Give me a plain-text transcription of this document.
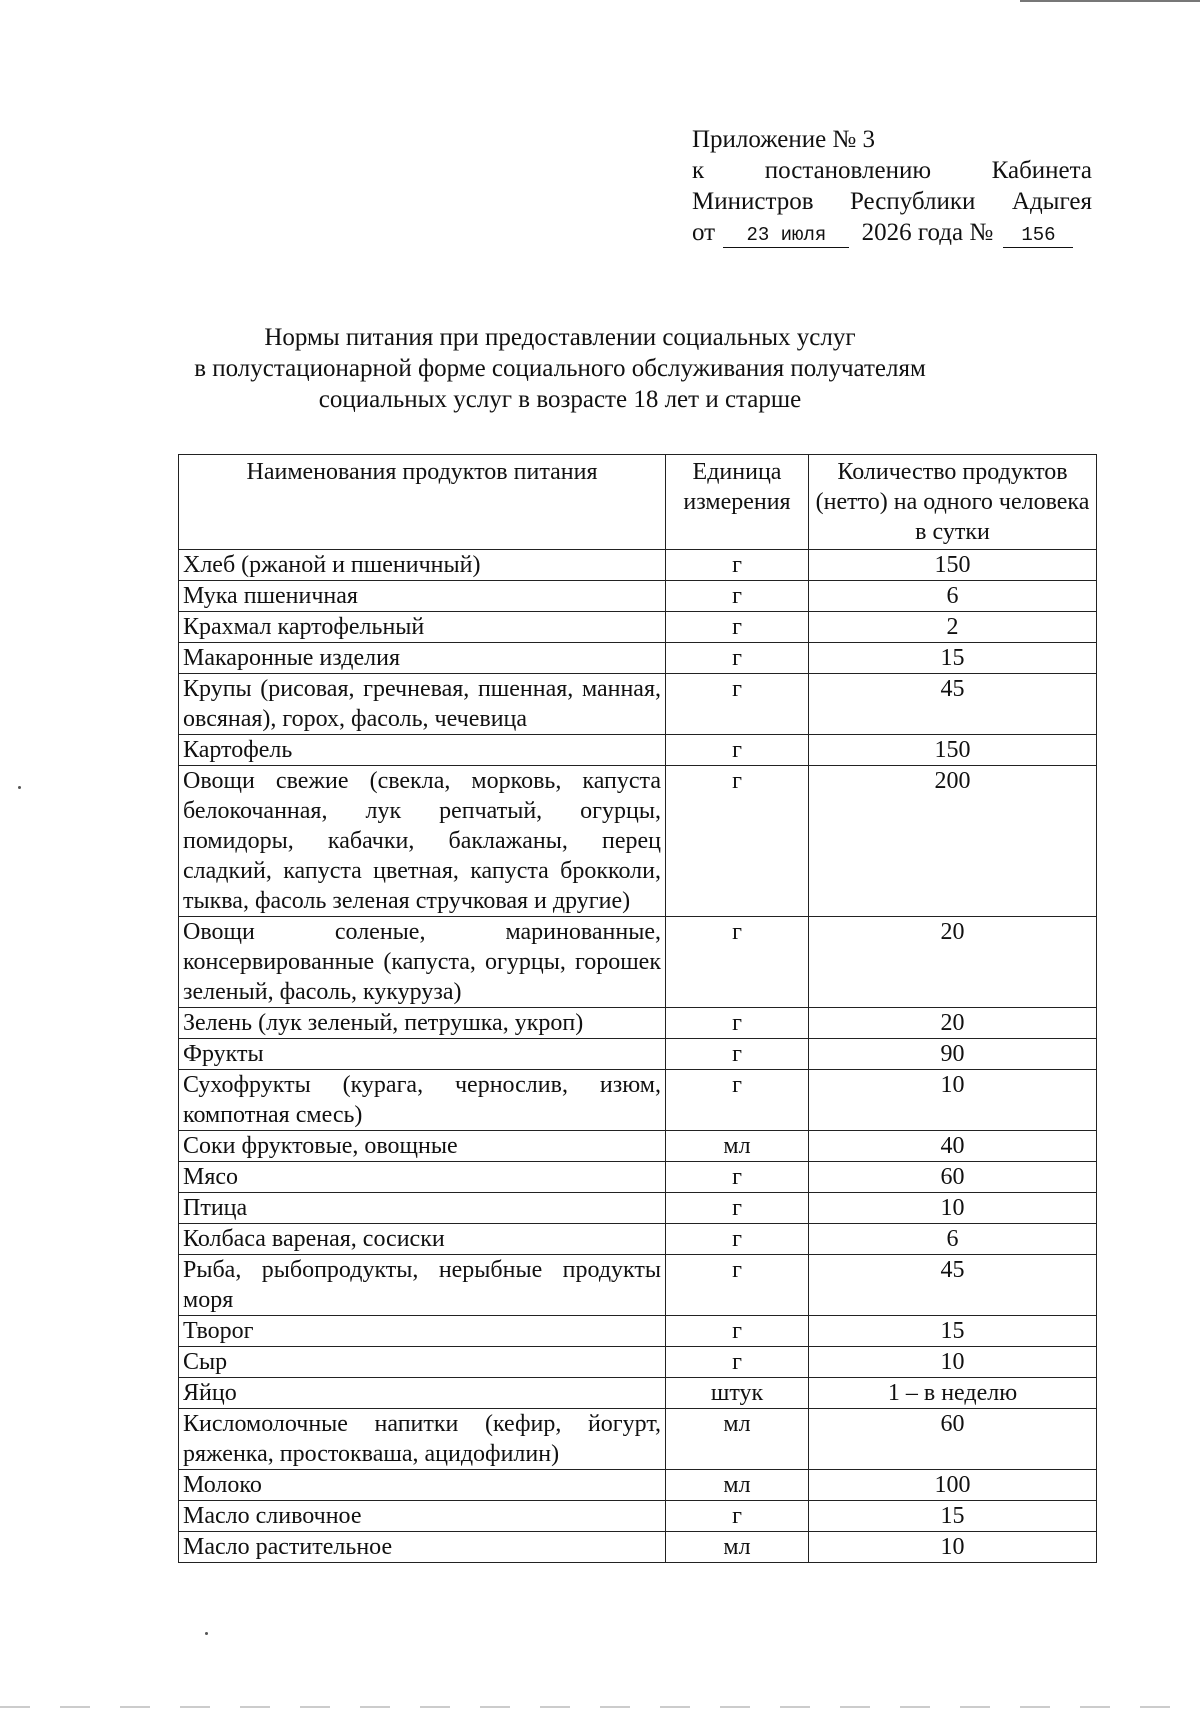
Приложение № 3
к постановлению Кабинета
Министров Республики Адыгея
от 23 июля 2026 года № 156
Нормы питания при предоставлении социальных услуг
в полустационарной форме социального обслуживания получателям
социальных услуг в возрасте 18 лет и старше
Наименования продуктов питания	Единица измерения	Количество продуктов (нетто) на одного человека в сутки
Хлеб (ржаной и пшеничный)	г	150
Мука пшеничная	г	6
Крахмал картофельный	г	2
Макаронные изделия	г	15
Крупы (рисовая, гречневая, пшенная, манная, овсяная), горох, фасоль, чечевица	г	45
Картофель	г	150
Овощи свежие (свекла, морковь, капуста белокочанная, лук репчатый, огурцы, помидоры, кабачки, баклажаны, перец сладкий, капуста цветная, капуста брокколи, тыква, фасоль зеленая стручковая и другие)	г	200
Овощи соленые, маринованные, консервированные (капуста, огурцы, горошек зеленый, фасоль, кукуруза)	г	20
Зелень (лук зеленый, петрушка, укроп)	г	20
Фрукты	г	90
Сухофрукты (курага, чернослив, изюм, компотная смесь)	г	10
Соки фруктовые, овощные	мл	40
Мясо	г	60
Птица	г	10
Колбаса вареная, сосиски	г	6
Рыба, рыбопродукты, нерыбные продукты моря	г	45
Творог	г	15
Сыр	г	10
Яйцо	штук	1 – в неделю
Кисломолочные напитки (кефир, йогурт, ряженка, простокваша, ацидофилин)	мл	60
Молоко	мл	100
Масло сливочное	г	15
Масло растительное	мл	10
